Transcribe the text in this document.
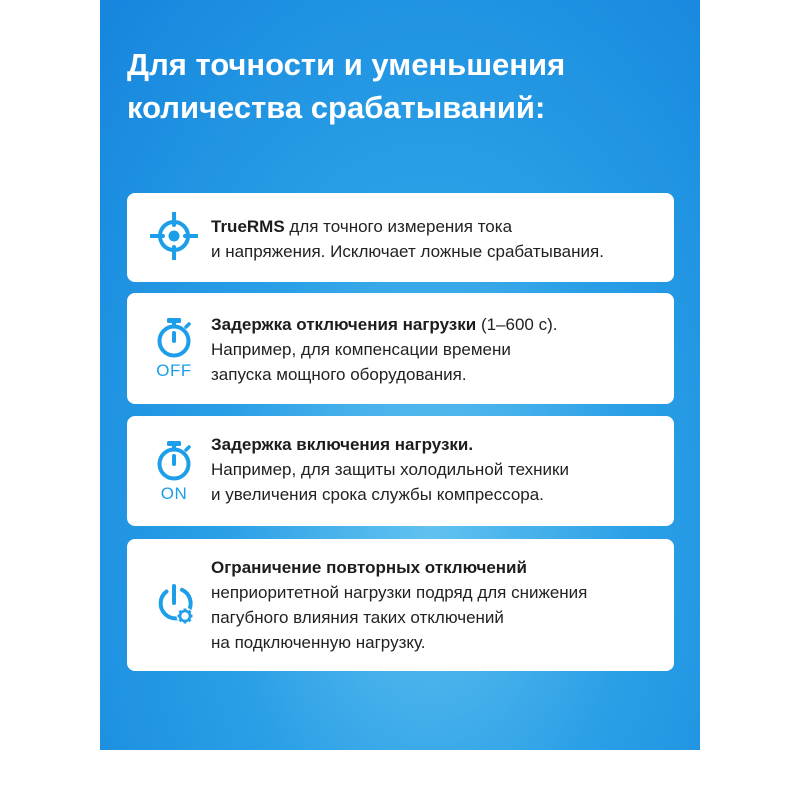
Для точности и уменьшения
количества срабатываний:

TrueRMS для точного измерения тока
и напряжения. Исключает ложные срабатывания.

OFF

Задержка отключения нагрузки (1–600 с).
Например, для компенсации времени
запуска мощного оборудования.

ON

Задержка включения нагрузки.
Например, для защиты холодильной техники
и увеличения срока службы компрессора.

Ограничение повторных отключений
неприоритетной нагрузки подряд для снижения
пагубного влияния таких отключений
на подключенную нагрузку.
